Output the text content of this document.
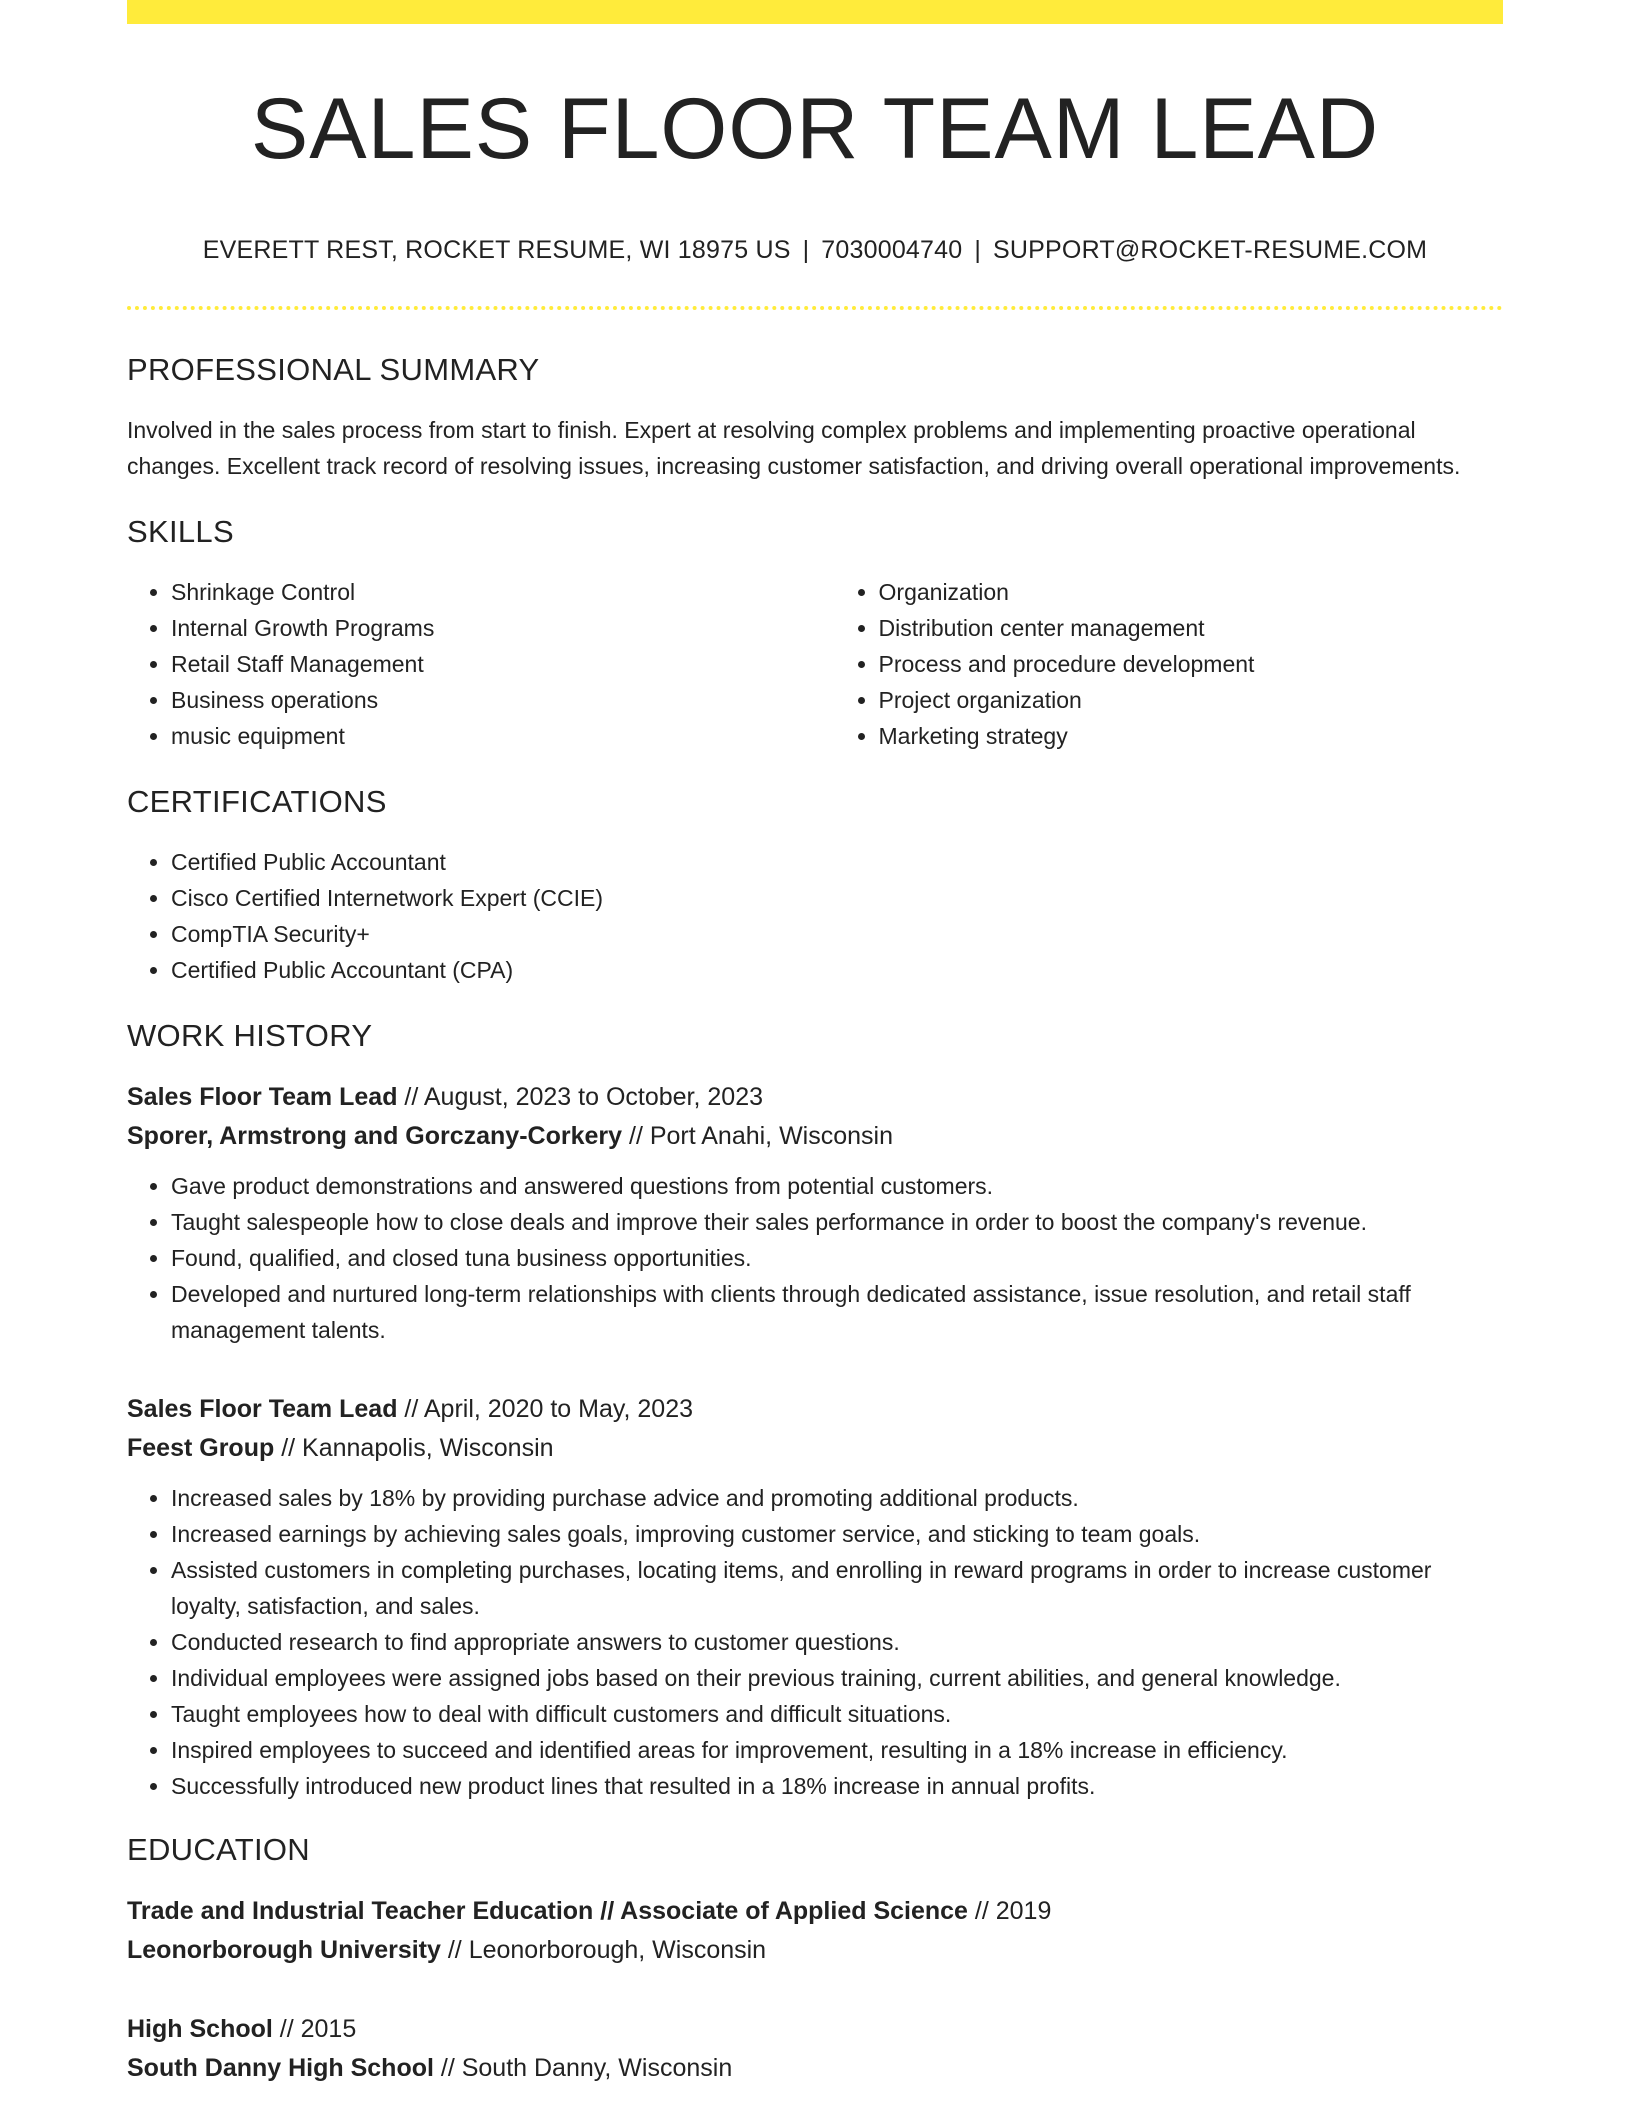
SALES FLOOR TEAM LEAD
EVERETT REST, ROCKET RESUME, WI 18975 US | 7030004740 | SUPPORT@ROCKET-RESUME.COM
PROFESSIONAL SUMMARY

Involved in the sales process from start to finish. Expert at resolving complex problems and implementing proactive operational changes. Excellent track record of resolving issues, increasing customer satisfaction, and driving overall operational improvements.

SKILLS
• Shrinkage Control
• Internal Growth Programs
• Retail Staff Management
• Business operations
• music equipment
• Organization
• Distribution center management
• Process and procedure development
• Project organization
• Marketing strategy
CERTIFICATIONS
• Certified Public Accountant
• Cisco Certified Internetwork Expert (CCIE)
• CompTIA Security+
• Certified Public Accountant (CPA)
WORK HISTORY
Sales Floor Team Lead // August, 2023 to October, 2023
Sporer, Armstrong and Gorczany-Corkery // Port Anahi, Wisconsin
• Gave product demonstrations and answered questions from potential customers.
• Taught salespeople how to close deals and improve their sales performance in order to boost the company's revenue.
• Found, qualified, and closed tuna business opportunities.
• Developed and nurtured long-term relationships with clients through dedicated assistance, issue resolution, and retail staff management talents.
Sales Floor Team Lead // April, 2020 to May, 2023
Feest Group // Kannapolis, Wisconsin
• Increased sales by 18% by providing purchase advice and promoting additional products.
• Increased earnings by achieving sales goals, improving customer service, and sticking to team goals.
• Assisted customers in completing purchases, locating items, and enrolling in reward programs in order to increase customer loyalty, satisfaction, and sales.
• Conducted research to find appropriate answers to customer questions.
• Individual employees were assigned jobs based on their previous training, current abilities, and general knowledge.
• Taught employees how to deal with difficult customers and difficult situations.
• Inspired employees to succeed and identified areas for improvement, resulting in a 18% increase in efficiency.
• Successfully introduced new product lines that resulted in a 18% increase in annual profits.
EDUCATION
Trade and Industrial Teacher Education // Associate of Applied Science // 2019
Leonorborough University // Leonorborough, Wisconsin
High School // 2015
South Danny High School // South Danny, Wisconsin
